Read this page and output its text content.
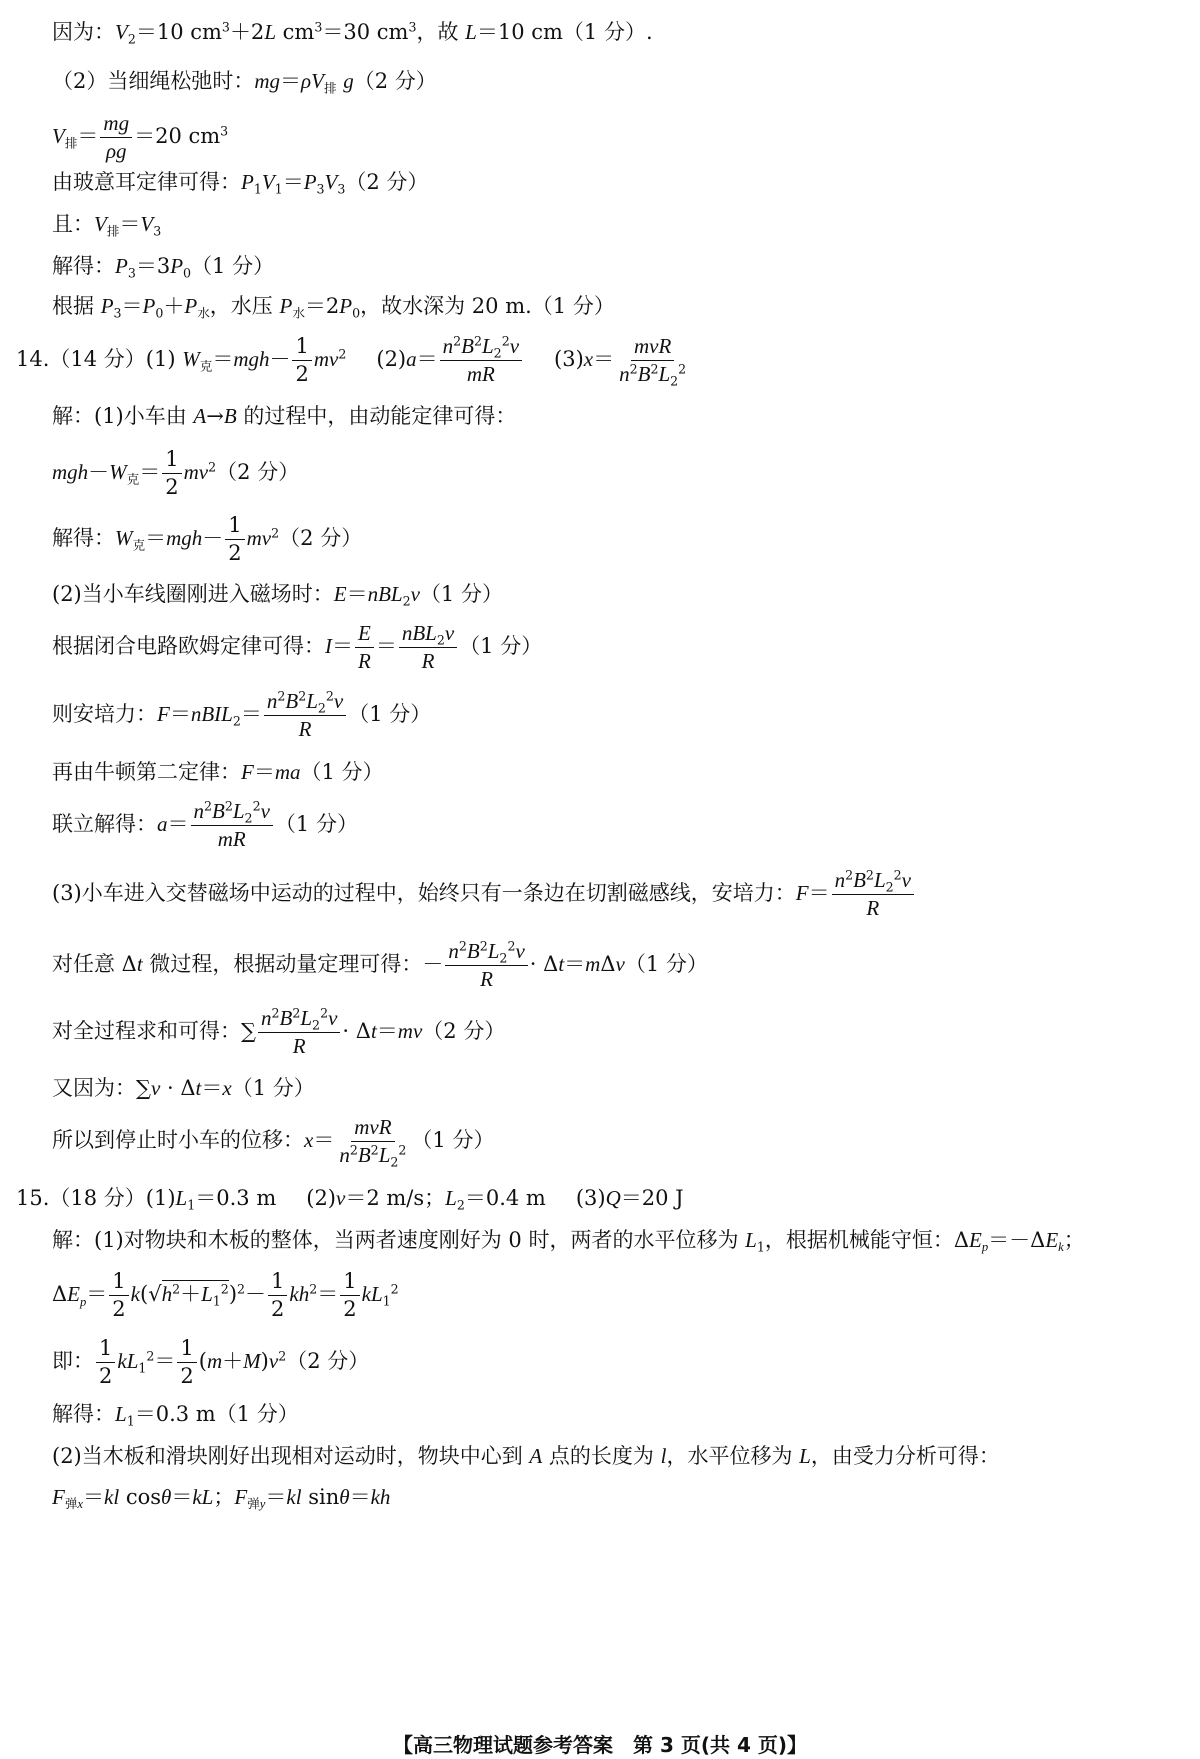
因为：$V_2=10$ $cm^3+2L$ $cm^3=30$ $cm^3$，故 L＝10 cm（1 分）.
（2）当细绳松弛时：$mg=\rho V_排$ g（2 分）
$V_排= \frac{mg}{\rho g} =20$ $cm^3$
由玻意耳定律可得：$P_1V_1=P_3V_3(2$ 分）
且：$V_排=V_3$
解得：$P_3=3P_0(1$ 分）
根据 $P_3=P_0+P_水$，水压 $P_水=2P_0$，故水深为 20 m.（1 分）
14.（14 分）(1) $W_克=mgh- \frac{1}{2} mv^2$ $(2)a= \frac{n^2B^2L_2^2v}{mR} (3)x= \frac{\text{mvR}}{n^2B^2L_2^2}$
解：(1)小车由 A→B 的过程中，由动能定律可得：
$mgh-W_克= \frac{1}{2} mv^2(2$ 分）
解得：$W_克=mgh- \frac{1}{2} mv^2(2$ 分）
(2)当小车线圈刚进入磁场时：E＝nBL$_2$v（1 分）
根据闭合电路欧姆定律可得：$I= \frac{E}{R} = \frac{nBL_2v}{R} (1$ 分）
则安培力：F＝nBIL$_2$＝ $\frac{n^2B^2L_2^2v}{R} (1$ 分）
再由牛顿第二定律：F＝ma（1 分）
联立解得：$a= \frac{n^2B^2L_2^2v}{mR} (1$ 分）
(3)小车进入交替磁场中运动的过程中，始终只有一条边在切割磁感线，安培力：$F= \frac{n^2B^2L_2^2v}{R}$
对任意 Δt 微过程，根据动量定理可得：－ $\frac{n^2B^2L_2^2v}{R} \cdot \Delta t=m\Delta v(1$ 分）
对全过程求和可得：∑ $\frac{n^2B^2L_2^2v}{R} \cdot \Delta t=mv(2$ 分）
又因为：∑v · Δt＝x（1 分）
所以到停止时小车的位移：$x= \frac{\text{mvR}}{n^2B^2L_2^2} (1$ 分）
15.（18 分）$(1)L_1=0.3$ m (2)v＝2 m/s；$L_2=0.4$ m (3)Q＝20 J
解：(1)对物块和木板的整体，当两者速度刚好为 0 时，两者的水平位移为 $L_1$，根据机械能守恒：$\Delta E_p=-\Delta E_k$；
$\Delta E_p= \frac{1}{2} k(√h^2+L_1^2)^2- \frac{1}{2} kh^2= \frac{1}{2} kL_1^2$
即： $\frac{1}{2} kL_1^2= \frac{1}{2} (m+M)v^2(2$ 分）
解得：$L_1=0.3$ m（1 分）
(2)当木板和滑块刚好出现相对运动时，物块中心到 A 点的长度为 l，水平位移为 L，由受力分析可得：
$F_{弹x}=kl$ cosθ＝kL；$F_{弹y}=kl$ sinθ＝kh
【高三物理试题参考答案　第 3 页(共 4 页)】
